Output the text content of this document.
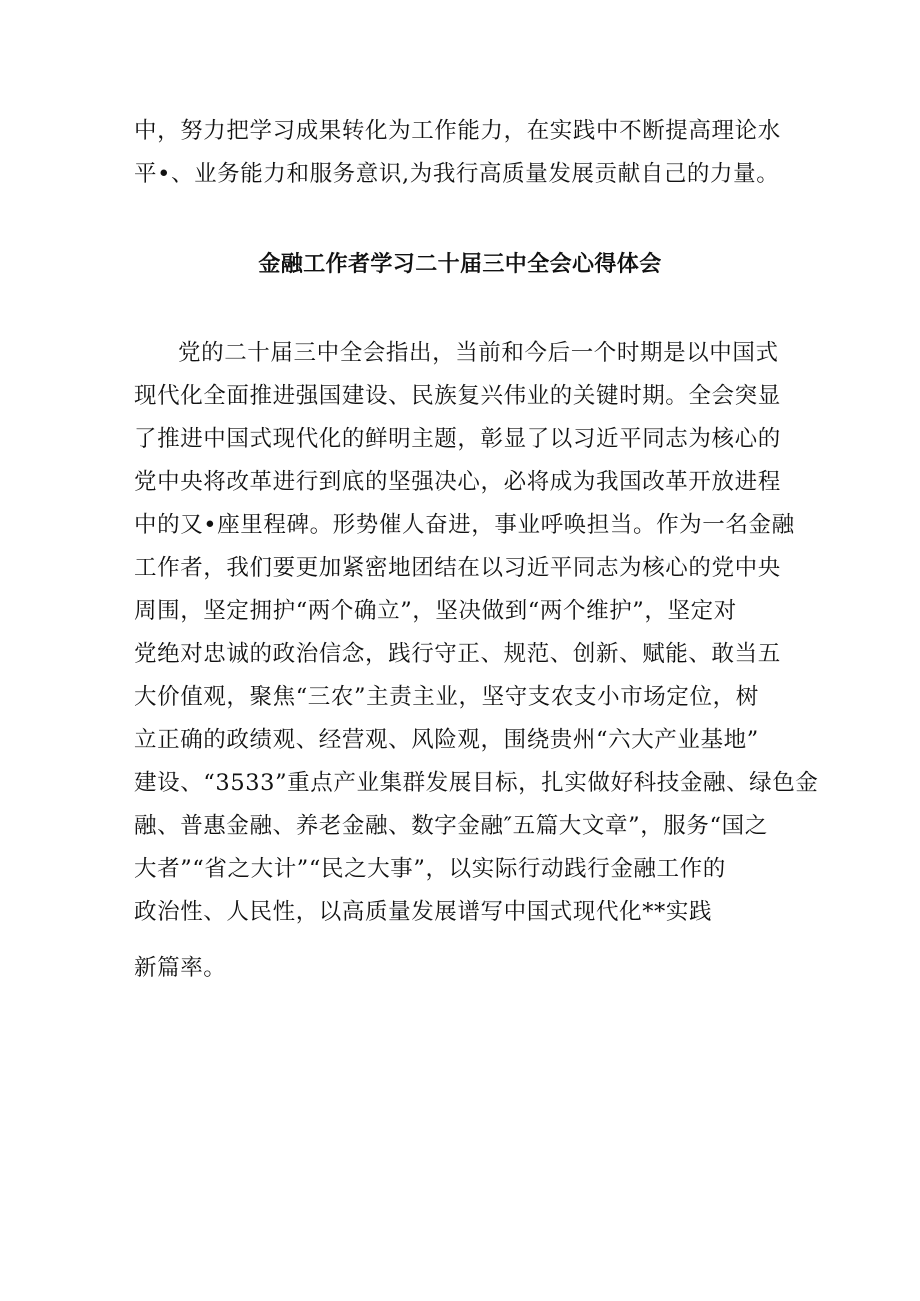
中，努力把学习成果转化为工作能力，在实践中不断提高理论水
平•、业务能力和服务意识,为我行高质量发展贡献自己的力量。
金融工作者学习二十届三中全会心得体会
党的二十届三中全会指出，当前和今后一个时期是以中国式
现代化全面推进强国建设、民族复兴伟业的关键时期。全会突显
了推进中国式现代化的鲜明主题，彰显了以习近平同志为核心的
党中央将改革进行到底的坚强决心，必将成为我国改革开放进程
中的又•座里程碑。形势催人奋进，事业呼唤担当。作为一名金融
工作者，我们要更加紧密地团结在以习近平同志为核心的党中央
周围，坚定拥护“两个确立”，坚决做到“两个维护”，坚定对
党绝对忠诚的政治信念，践行守正、规范、创新、赋能、敢当五
大价值观，聚焦“三农”主责主业，坚守支农支小市场定位，树
立正确的政绩观、经营观、风险观，围绕贵州“六大产业基地”
建设、“3533”重点产业集群发展目标，扎实做好科技金融、绿色金
融、普惠金融、养老金融、数字金融″五篇大文章”，服务“国之
大者”“省之大计”“民之大事”，以实际行动践行金融工作的
政治性、人民性，以高质量发展谱写中国式现代化**实践
新篇率。
